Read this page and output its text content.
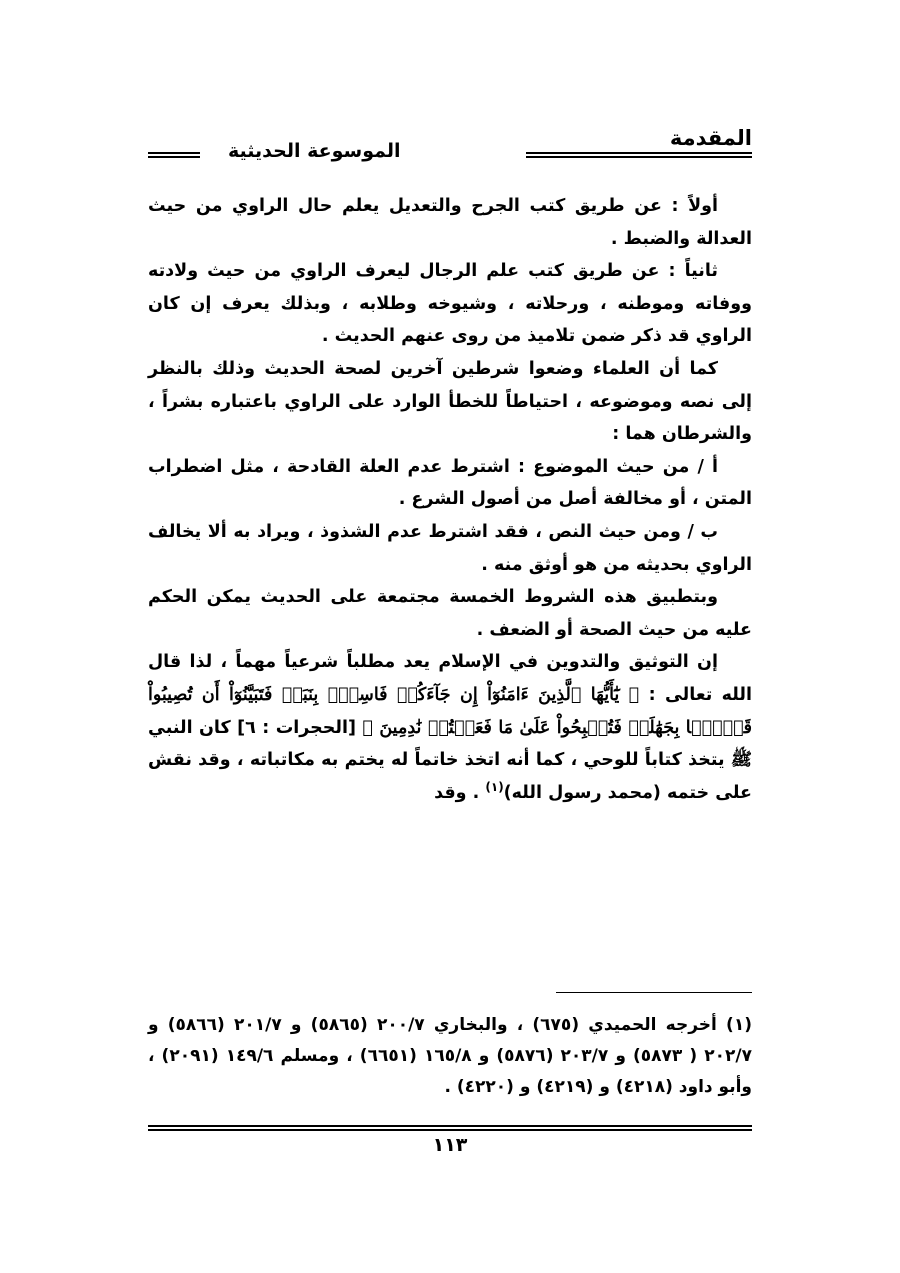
المقدمة
الموسوعة الحديثية

أولاً : عن طريق كتب الجرح والتعديل يعلم حال الراوي من حيث العدالة والضبط .

ثانياً : عن طريق كتب علم الرجال ليعرف الراوي من حيث ولادته ووفاته وموطنه ، ورحلاته ، وشيوخه وطلابه ، وبذلك يعرف إن كان الراوي قد ذكر ضمن تلاميذ من روى عنهم الحديث .

كما أن العلماء وضعوا شرطين آخرين لصحة الحديث وذلك بالنظر إلى نصه وموضوعه ، احتياطاً للخطأ الوارد على الراوي باعتباره بشراً ، والشرطان هما :

أ / من حيث الموضوع : اشترط عدم العلة القادحة ، مثل اضطراب المتن ، أو مخالفة أصل من أصول الشرع .

ب / ومن حيث النص ، فقد اشترط عدم الشذوذ ، ويراد به ألا يخالف الراوي بحديثه من هو أوثق منه .

وبتطبيق هذه الشروط الخمسة مجتمعة على الحديث يمكن الحكم عليه من حيث الصحة أو الضعف .

إن التوثيق والتدوين في الإسلام يعد مطلباً شرعياً مهماً ، لذا قال الله تعالى : ﴿ يَٰٓأَيُّهَا ٱلَّذِينَ ءَامَنُوٓاْ إِن جَآءَكُمۡ فَاسِقُۢ بِنَبَإٖ فَتَبَيَّنُوٓاْ أَن تُصِيبُواْ قَوۡمَۢا بِجَهَٰلَةٖ فَتُصۡبِحُواْ عَلَىٰ مَا فَعَلۡتُمۡ نَٰدِمِينَ ﴾ [الحجرات : ٦] كان النبي ﷺ يتخذ كتاباً للوحي ، كما أنه اتخذ خاتماً له يختم به مكاتباته ، وقد نقش على ختمه (محمد رسول الله)$^{(١)}$ . وقد

(١) أخرجه الحميدي (٦٧٥) ، والبخاري ٢٠٠/٧ (٥٨٦٥) و ٢٠١/٧ (٥٨٦٦) و ٢٠٢/٧ ( ٥٨٧٣) و ٢٠٣/٧ (٥٨٧٦) و ١٦٥/٨ (٦٦٥١) ، ومسلم ١٤٩/٦ (٢٠٩١) ، وأبو داود (٤٢١٨) و (٤٢١٩) و (٤٢٢٠) .

١١٣
